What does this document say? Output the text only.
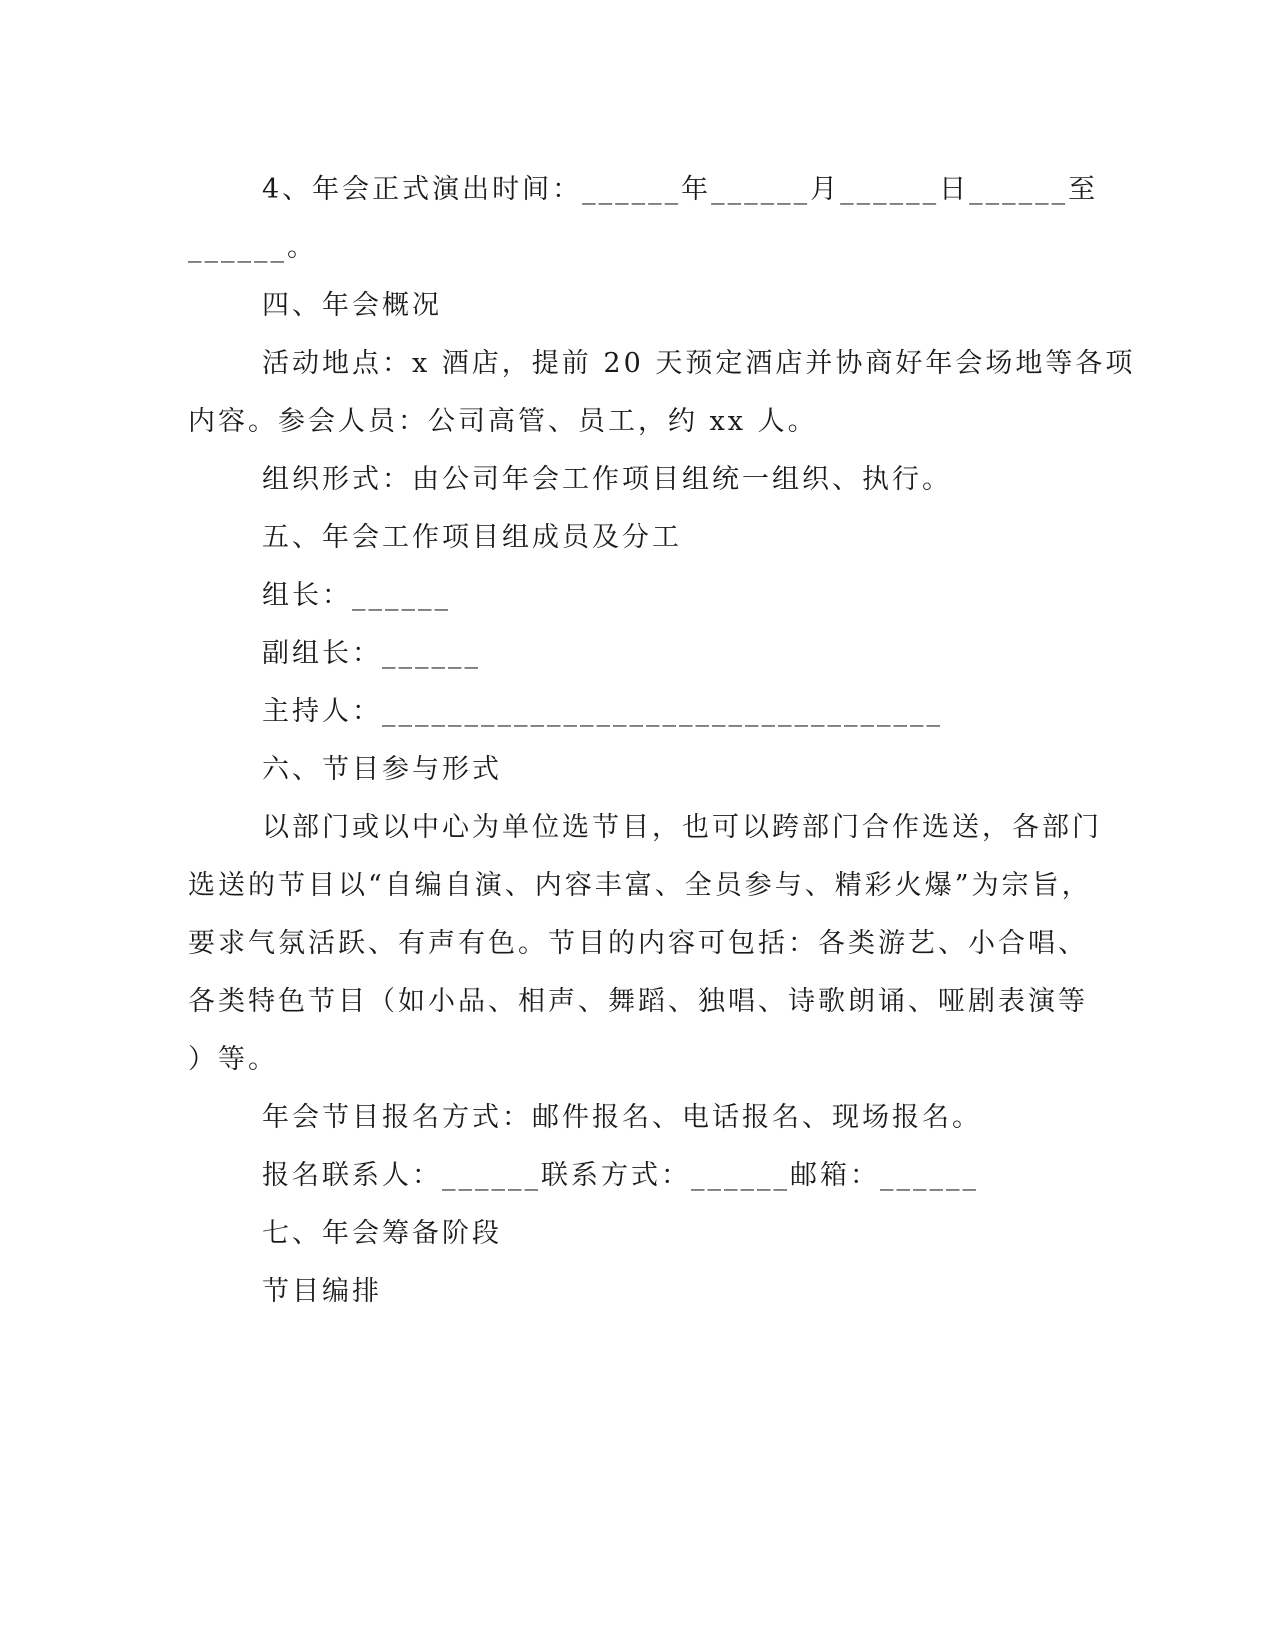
4、年会正式演出时间：______年______月______日______至
______。
四、年会概况
活动地点：x 酒店，提前 20 天预定酒店并协商好年会场地等各项
内容。参会人员：公司高管、员工，约 xx 人。
组织形式：由公司年会工作项目组统一组织、执行。
五、年会工作项目组成员及分工
组长：______
副组长：______
主持人：__________________________________
六、节目参与形式
以部门或以中心为单位选节目，也可以跨部门合作选送，各部门
选送的节目以“自编自演、内容丰富、全员参与、精彩火爆”为宗旨，
要求气氛活跃、有声有色。节目的内容可包括：各类游艺、小合唱、
各类特色节目（如小品、相声、舞蹈、独唱、诗歌朗诵、哑剧表演等
）等。
年会节目报名方式：邮件报名、电话报名、现场报名。
报名联系人：______联系方式：______邮箱：______
七、年会筹备阶段
节目编排
